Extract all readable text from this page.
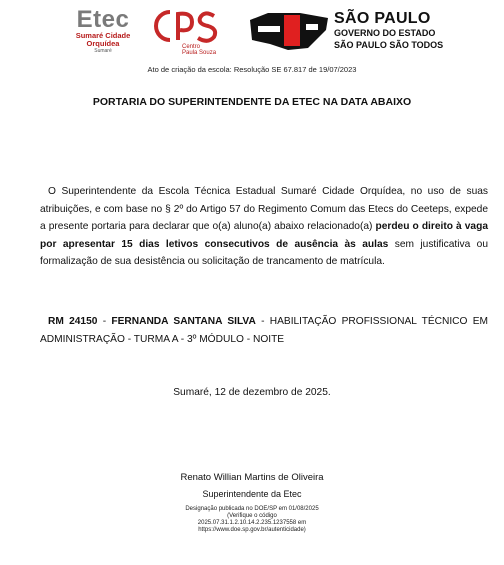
Etec
Sumaré Cidade
Orquídea
Sumaré
Centro
Paula Souza
SÃO PAULO
GOVERNO DO ESTADO
SÃO PAULO SÃO TODOS
Ato de criação da escola: Resolução SE 67.817 de 19/07/2023
PORTARIA DO SUPERINTENDENTE DA ETEC NA DATA ABAIXO
O Superintendente da Escola Técnica Estadual Sumaré Cidade Orquídea, no uso de suas atribuições, e com base no § 2º do Artigo 57 do Regimento Comum das Etecs do Ceeteps, expede a presente portaria para declarar que o(a) aluno(a) abaixo relacionado(a) perdeu o direito à vaga por apresentar 15 dias letivos consecutivos de ausência às aulas sem justificativa ou formalização de sua desistência ou solicitação de trancamento de matrícula.
RM 24150 - FERNANDA SANTANA SILVA - HABILITAÇÃO PROFISSIONAL TÉCNICO EM ADMINISTRAÇÃO - TURMA A - 3º MÓDULO - NOITE
Sumaré, 12 de dezembro de 2025.
Renato Willian Martins de Oliveira
Superintendente da Etec
Designação publicada no DOE/SP em 01/08/2025
(Verifique o código
2025.07.31.1.2.10.14.2.235.1237558 em
https://www.doe.sp.gov.br/autenticidade)
